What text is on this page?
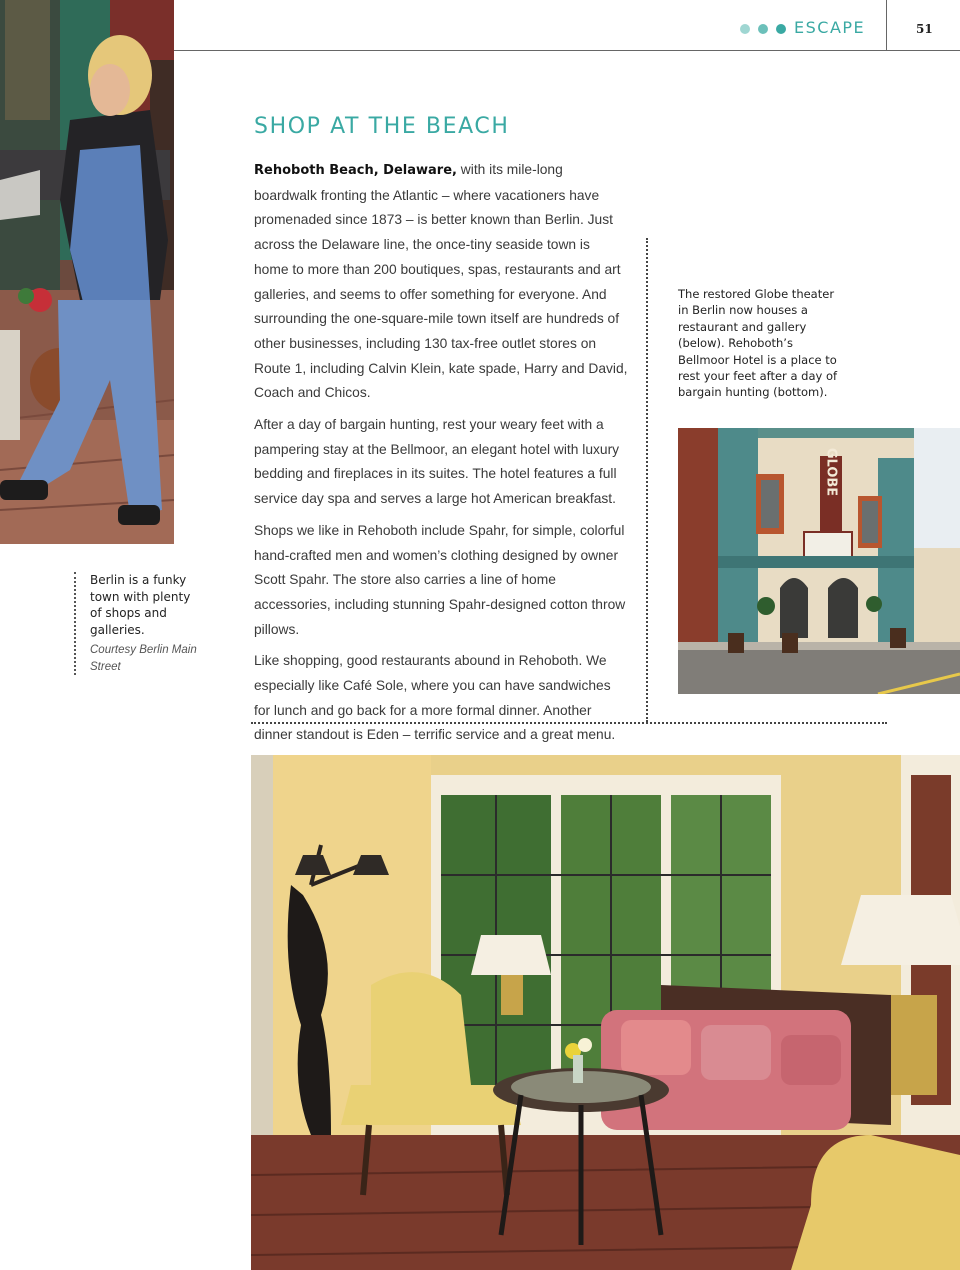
ESCAPE	51
Berlin is a funky town with plenty of shops and galleries.
Courtesy Berlin Main Street
SHOP AT THE BEACH

Rehoboth Beach, Delaware, with its mile-long boardwalk fronting the Atlantic – where vacationers have promenaded since 1873 – is better known than Berlin. Just across the Delaware line, the once-tiny seaside town is home to more than 200 boutiques, spas, restaurants and art galleries, and seems to offer something for everyone. And surrounding the one-square-mile town itself are hundreds of other businesses, including 130 tax-free outlet stores on Route 1, including Calvin Klein, kate spade, Harry and David, Coach and Chicos.

After a day of bargain hunting, rest your weary feet with a pampering stay at the Bellmoor, an elegant hotel with luxury bedding and fireplaces in its suites. The hotel features a full service day spa and serves a large hot American breakfast.

Shops we like in Rehoboth include Spahr, for simple, colorful hand-crafted men and women’s clothing designed by owner Scott Spahr. The store also carries a line of home accessories, including stunning Spahr-designed cotton throw pillows.

Like shopping, good restaurants abound in Rehoboth. We especially like Café Sole, where you can have sandwiches for lunch and go back for a more formal dinner. Another dinner standout is Eden – terrific service and a great menu.

The restored Globe theater in Berlin now houses a restaurant and gallery (below). Rehoboth’s Bellmoor Hotel is a place to rest your feet after a day of bargain hunting (bottom).
GLOBE
